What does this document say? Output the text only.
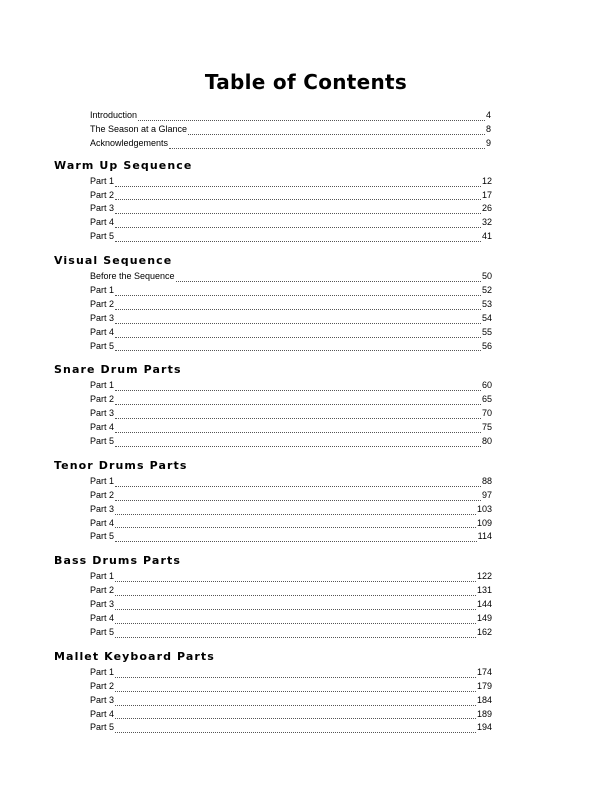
Table of Contents
Introduction	4
The Season at a Glance	8
Acknowledgements	9
Warm Up Sequence
Part 1	12
Part 2	17
Part 3	26
Part 4	32
Part 5	41
Visual Sequence
Before the Sequence	50
Part 1	52
Part 2	53
Part 3	54
Part 4	55
Part 5	56
Snare Drum Parts
Part 1	60
Part 2	65
Part 3	70
Part 4	75
Part 5	80
Tenor Drums Parts
Part 1	88
Part 2	97
Part 3	103
Part 4	109
Part 5	114
Bass Drums Parts
Part 1	122
Part 2	131
Part 3	144
Part 4	149
Part 5	162
Mallet Keyboard Parts
Part 1	174
Part 2	179
Part 3	184
Part 4	189
Part 5	194
